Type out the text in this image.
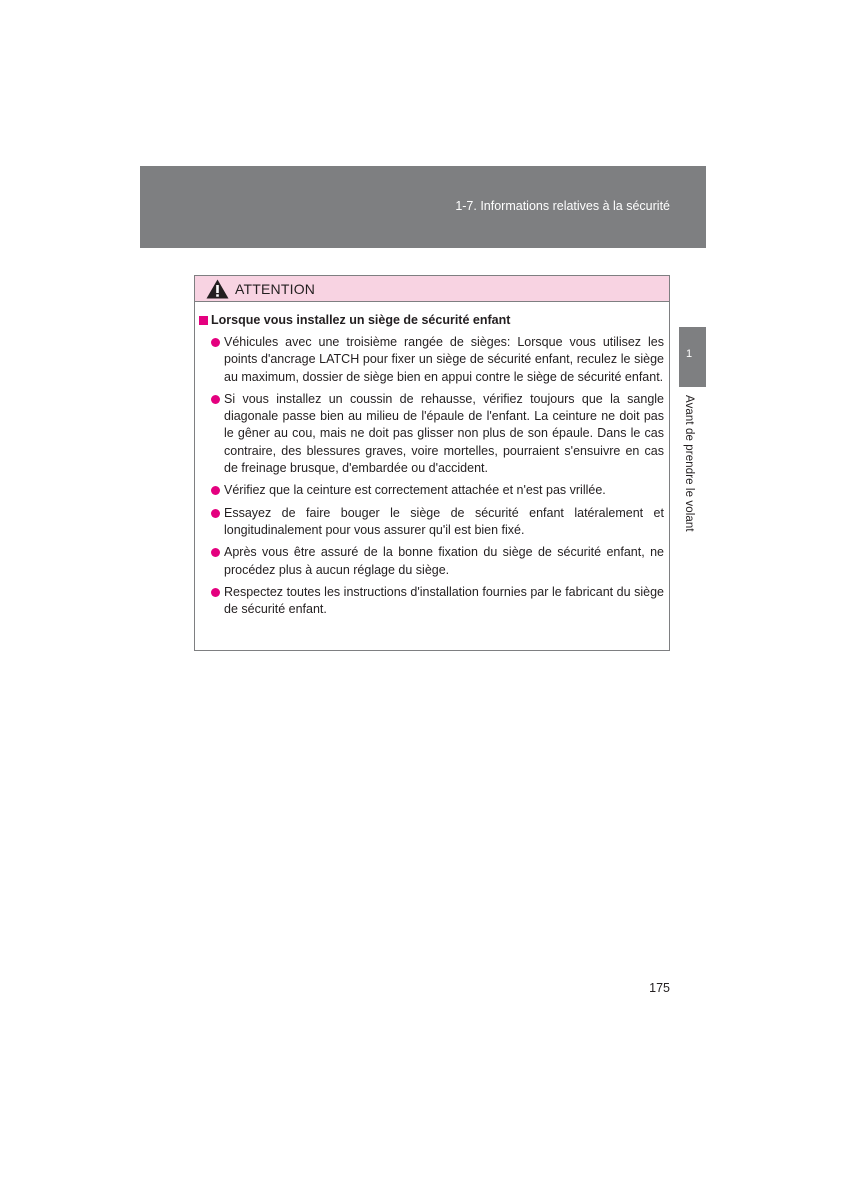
1-7. Informations relatives à la sécurité
1
Avant de prendre le volant
ATTENTION
Lorsque vous installez un siège de sécurité enfant
Véhicules avec une troisième rangée de sièges: Lorsque vous utilisez les points d'ancrage LATCH pour fixer un siège de sécurité enfant, reculez le siège au maximum, dossier de siège bien en appui contre le siège de sécurité enfant.
Si vous installez un coussin de rehausse, vérifiez toujours que la sangle diagonale passe bien au milieu de l'épaule de l'enfant. La ceinture ne doit pas le gêner au cou, mais ne doit pas glisser non plus de son épaule. Dans le cas contraire, des blessures graves, voire mortelles, pourraient s'ensuivre en cas de freinage brusque, d'embardée ou d'accident.
Vérifiez que la ceinture est correctement attachée et n'est pas vrillée.
Essayez de faire bouger le siège de sécurité enfant latéralement et longitudinalement pour vous assurer qu'il est bien fixé.
Après vous être assuré de la bonne fixation du siège de sécurité enfant, ne procédez plus à aucun réglage du siège.
Respectez toutes les instructions d'installation fournies par le fabricant du siège de sécurité enfant.
175
